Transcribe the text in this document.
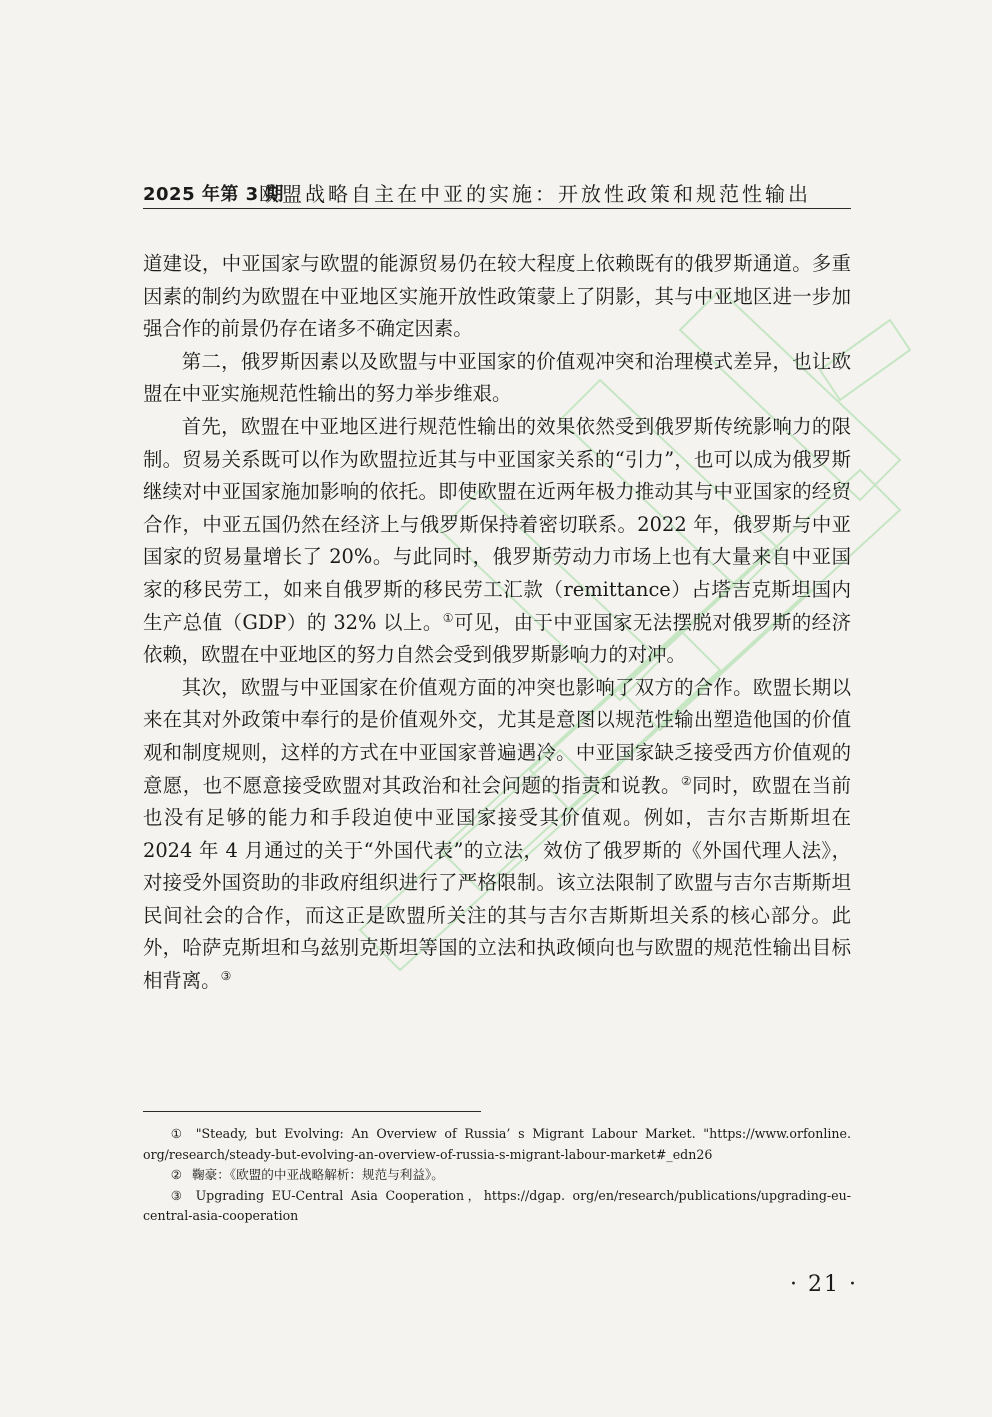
2025 年第 3 期
欧盟战略自主在中亚的实施：开放性政策和规范性输出

道建设，中亚国家与欧盟的能源贸易仍在较大程度上依赖既有的俄罗斯通道。多重因素的制约为欧盟在中亚地区实施开放性政策蒙上了阴影，其与中亚地区进一步加强合作的前景仍存在诸多不确定因素。

第二，俄罗斯因素以及欧盟与中亚国家的价值观冲突和治理模式差异，也让欧盟在中亚实施规范性输出的努力举步维艰。

首先，欧盟在中亚地区进行规范性输出的效果依然受到俄罗斯传统影响力的限制。贸易关系既可以作为欧盟拉近其与中亚国家关系的“引力”，也可以成为俄罗斯继续对中亚国家施加影响的依托。即使欧盟在近两年极力推动其与中亚国家的经贸合作，中亚五国仍然在经济上与俄罗斯保持着密切联系。2022 年，俄罗斯与中亚国家的贸易量增长了 20%。与此同时，俄罗斯劳动力市场上也有大量来自中亚国家的移民劳工，如来自俄罗斯的移民劳工汇款（remittance）占塔吉克斯坦国内生产总值（GDP）的 32% 以上。①可见，由于中亚国家无法摆脱对俄罗斯的经济依赖，欧盟在中亚地区的努力自然会受到俄罗斯影响力的对冲。

其次，欧盟与中亚国家在价值观方面的冲突也影响了双方的合作。欧盟长期以来在其对外政策中奉行的是价值观外交，尤其是意图以规范性输出塑造他国的价值观和制度规则，这样的方式在中亚国家普遍遇冷。中亚国家缺乏接受西方价值观的意愿，也不愿意接受欧盟对其政治和社会问题的指责和说教。②同时，欧盟在当前也没有足够的能力和手段迫使中亚国家接受其价值观。例如，吉尔吉斯斯坦在 2024 年 4 月通过的关于“外国代表”的立法，效仿了俄罗斯的《外国代理人法》，对接受外国资助的非政府组织进行了严格限制。该立法限制了欧盟与吉尔吉斯斯坦民间社会的合作，而这正是欧盟所关注的其与吉尔吉斯斯坦关系的核心部分。此外，哈萨克斯坦和乌兹别克斯坦等国的立法和执政倾向也与欧盟的规范性输出目标相背离。③

① "Steady, but Evolving: An Overview of Russia’ s Migrant Labour Market. "https://www.orfonline. org/research/steady-but-evolving-an-overview-of-russia-s-migrant-labour-market#_edn26

② 鞠豪：《欧盟的中亚战略解析：规范与利益》。

③ Upgrading EU-Central Asia Cooperation，https://dgap. org/en/research/publications/upgrading-eu-central-asia-cooperation

· 21 ·
